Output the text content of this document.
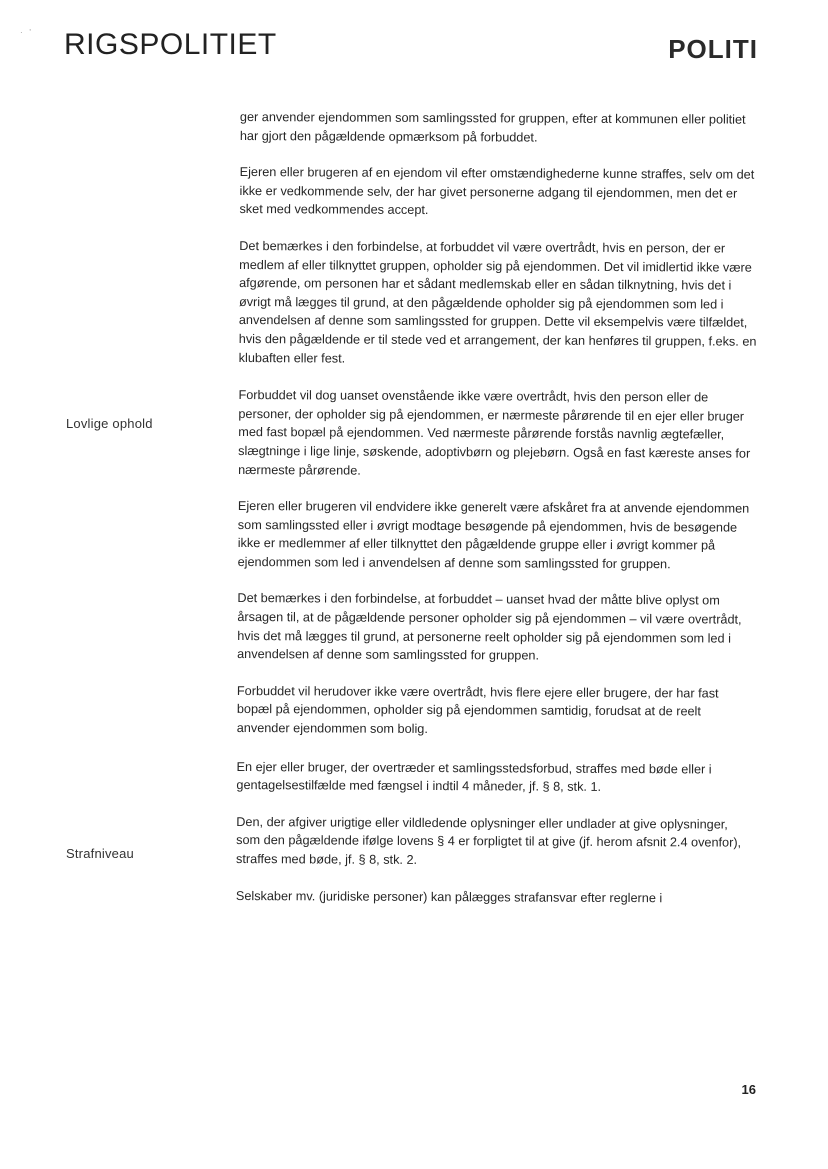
·   ' RIGSPOLITIET	POLITI
Lovlige ophold
Strafniveau

ger anvender ejendommen som samlingssted for gruppen, efter at kommunen eller politiet har gjort den pågældende opmærksom på forbuddet.

Ejeren eller brugeren af en ejendom vil efter omstændighederne kunne straffes, selv om det ikke er vedkommende selv, der har givet personerne adgang til ejendommen, men det er sket med vedkommendes accept.

Det bemærkes i den forbindelse, at forbuddet vil være overtrådt, hvis en person, der er medlem af eller tilknyttet gruppen, opholder sig på ejendommen. Det vil imidlertid ikke være afgørende, om personen har et sådant medlemskab eller en sådan tilknytning, hvis det i øvrigt må lægges til grund, at den pågældende opholder sig på ejendommen som led i anvendelsen af denne som samlingssted for gruppen. Dette vil eksempelvis være tilfældet, hvis den pågældende er til stede ved et arrangement, der kan henføres til gruppen, f.eks. en klubaften eller fest.

Forbuddet vil dog uanset ovenstående ikke være overtrådt, hvis den person eller de personer, der opholder sig på ejendommen, er nærmeste pårørende til en ejer eller bruger med fast bopæl på ejendommen. Ved nærmeste pårørende forstås navnlig ægtefæller, slægtninge i lige linje, søskende, adoptivbørn og plejebørn. Også en fast kæreste anses for nærmeste pårørende.

Ejeren eller brugeren vil endvidere ikke generelt være afskåret fra at anvende ejendommen som samlingssted eller i øvrigt modtage besøgende på ejendommen, hvis de besøgende ikke er medlemmer af eller tilknyttet den pågældende gruppe eller i øvrigt kommer på ejendommen som led i anvendelsen af denne som samlingssted for gruppen.

Det bemærkes i den forbindelse, at forbuddet – uanset hvad der måtte blive oplyst om årsagen til, at de pågældende personer opholder sig på ejendommen – vil være overtrådt, hvis det må lægges til grund, at personerne reelt opholder sig på ejendommen som led i anvendelsen af denne som samlingssted for gruppen.

Forbuddet vil herudover ikke være overtrådt, hvis flere ejere eller brugere, der har fast bopæl på ejendommen, opholder sig på ejendommen samtidig, forudsat at de reelt anvender ejendommen som bolig.

En ejer eller bruger, der overtræder et samlingsstedsforbud, straffes med bøde eller i gentagelsestilfælde med fængsel i indtil 4 måneder, jf. § 8, stk. 1.

Den, der afgiver urigtige eller vildledende oplysninger eller undlader at give oplysninger, som den pågældende ifølge lovens § 4 er forpligtet til at give (jf. herom afsnit 2.4 ovenfor), straffes med bøde, jf. § 8, stk. 2.

Selskaber mv. (juridiske personer) kan pålægges strafansvar efter reglerne i

16
